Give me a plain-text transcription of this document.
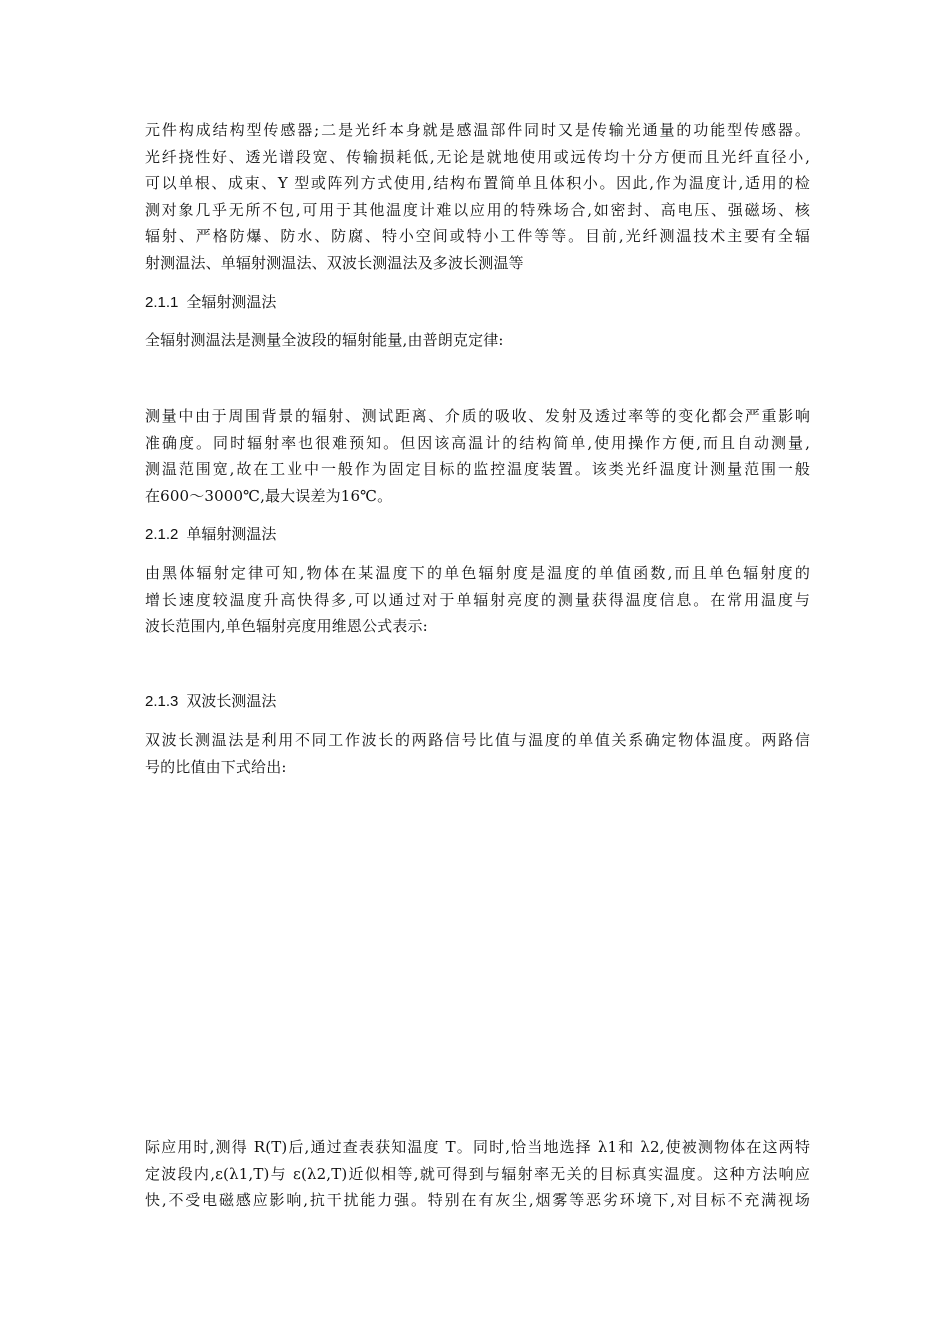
元件构成结构型传感器;二是光纤本身就是感温部件同时又是传输光通量的功能型传感器。
光纤挠性好、透光谱段宽、传输损耗低,无论是就地使用或远传均十分方便而且光纤直径小,
可以单根、成束、Y 型或阵列方式使用,结构布置简单且体积小。因此,作为温度计,适用的检
测对象几乎无所不包,可用于其他温度计难以应用的特殊场合,如密封、高电压、强磁场、核
辐射、严格防爆、防水、防腐、特小空间或特小工件等等。目前,光纤测温技术主要有全辐
射测温法、单辐射测温法、双波长测温法及多波长测温等
2.1.1 全辐射测温法
全辐射测温法是测量全波段的辐射能量,由普朗克定律:
测量中由于周围背景的辐射、测试距离、介质的吸收、发射及透过率等的变化都会严重影响
准确度。同时辐射率也很难预知。但因该高温计的结构简单,使用操作方便,而且自动测量,
测温范围宽,故在工业中一般作为固定目标的监控温度装置。该类光纤温度计测量范围一般
在600～3000℃,最大误差为16℃。
2.1.2 单辐射测温法
由黑体辐射定律可知,物体在某温度下的单色辐射度是温度的单值函数,而且单色辐射度的
增长速度较温度升高快得多,可以通过对于单辐射亮度的测量获得温度信息。在常用温度与
波长范围内,单色辐射亮度用维恩公式表示:
2.1.3 双波长测温法
双波长测温法是利用不同工作波长的两路信号比值与温度的单值关系确定物体温度。两路信
号的比值由下式给出:
际应用时,测得 R(T)后,通过查表获知温度 T。同时,恰当地选择 λ1和 λ2,使被测物体在这两特
定波段内,ε(λ1,T)与 ε(λ2,T)近似相等,就可得到与辐射率无关的目标真实温度。这种方法响应
快,不受电磁感应影响,抗干扰能力强。特别在有灰尘,烟雾等恶劣环境下,对目标不充满视场
